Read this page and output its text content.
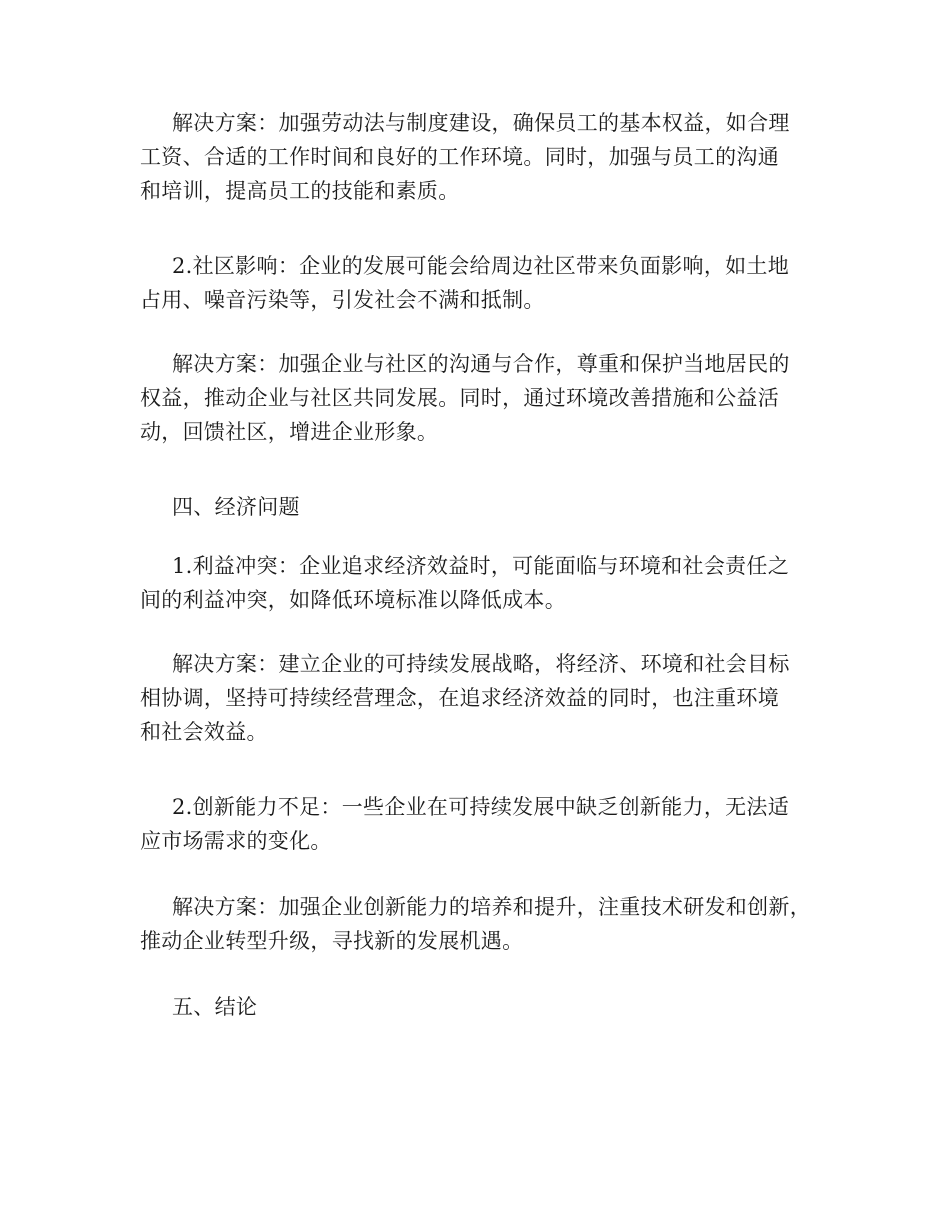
解决方案：加强劳动法与制度建设，确保员工的基本权益，如合理
工资、合适的工作时间和良好的工作环境。同时，加强与员工的沟通
和培训，提高员工的技能和素质。

2.社区影响：企业的发展可能会给周边社区带来负面影响，如土地
占用、噪音污染等，引发社会不满和抵制。

解决方案：加强企业与社区的沟通与合作，尊重和保护当地居民的
权益，推动企业与社区共同发展。同时，通过环境改善措施和公益活
动，回馈社区，增进企业形象。

四、经济问题

1.利益冲突：企业追求经济效益时，可能面临与环境和社会责任之
间的利益冲突，如降低环境标准以降低成本。

解决方案：建立企业的可持续发展战略，将经济、环境和社会目标
相协调，坚持可持续经营理念，在追求经济效益的同时，也注重环境
和社会效益。

2.创新能力不足：一些企业在可持续发展中缺乏创新能力，无法适
应市场需求的变化。

解决方案：加强企业创新能力的培养和提升，注重技术研发和创新，
推动企业转型升级，寻找新的发展机遇。

五、结论
